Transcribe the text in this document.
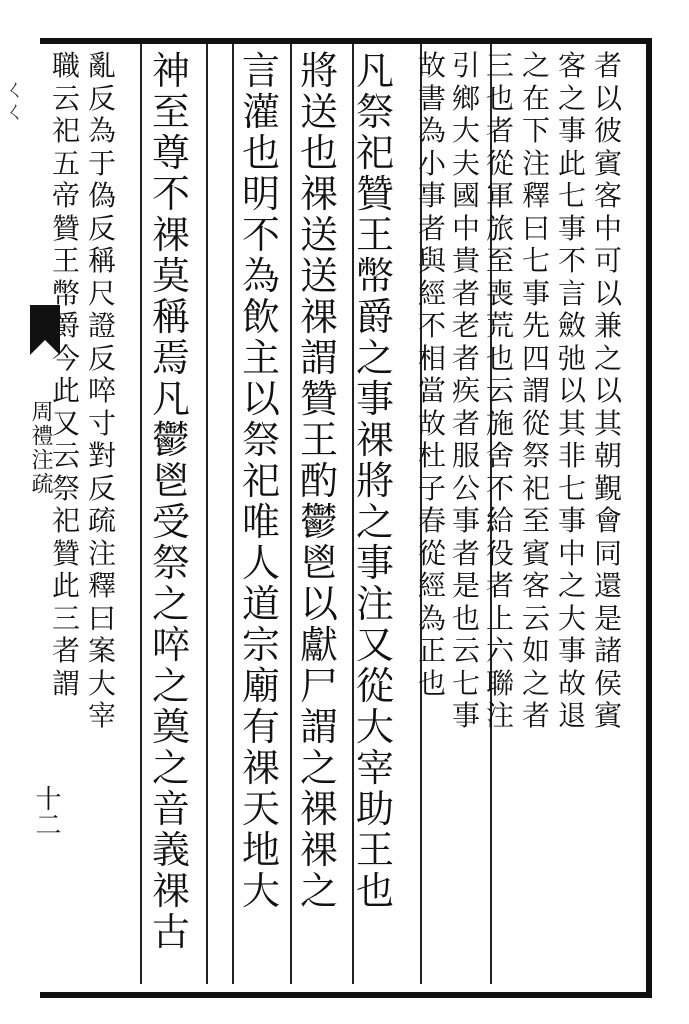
ㄑㄑ
周禮注疏
十二
者
以
彼
賓
客
中
可
以
兼
之
以
其
朝
覲
會
同
還
是
諸
侯
賓
客
之
事
此
七
事
不
言
斂
弛
以
其
非
七
事
中
之
大
事
故
退
之
在
下
注
釋
曰
七
事
先
四
謂
從
祭
祀
至
賓
客
云
如
之
者
三
也
者
從
軍
旅
至
喪
荒
也
云
施
舍
不
給
役
者
上
六
聯
注
引
鄉
大
夫
國
中
貴
者
老
者
疾
者
服
公
事
者
是
也
云
七
事
故
書
為
小
事
者
與
經
不
相
當
故
杜
子
春
從
經
為
正
也
凡
祭
祀
贊
王
幣
爵
之
事
祼
將
之
事
注
又
從
大
宰
助
王
也
將
送
也
祼
送
送
祼
謂
贊
王
酌
鬱
鬯
以
獻
尸
謂
之
祼
祼
之
言
灌
也
明
不
為
飲
主
以
祭
祀
唯
人
道
宗
廟
有
祼
天
地
大
神
至
尊
不
祼
莫
稱
焉
凡
鬱
鬯
受
祭
之
啐
之
奠
之
音
義
祼
古
亂
反
為
于
偽
反
稱
尺
證
反
啐
寸
對
反
疏
注
釋
曰
案
大
宰
職
云
祀
五
帝
贊
王
幣
爵
今
此
又
云
祭
祀
贊
此
三
者
謂
